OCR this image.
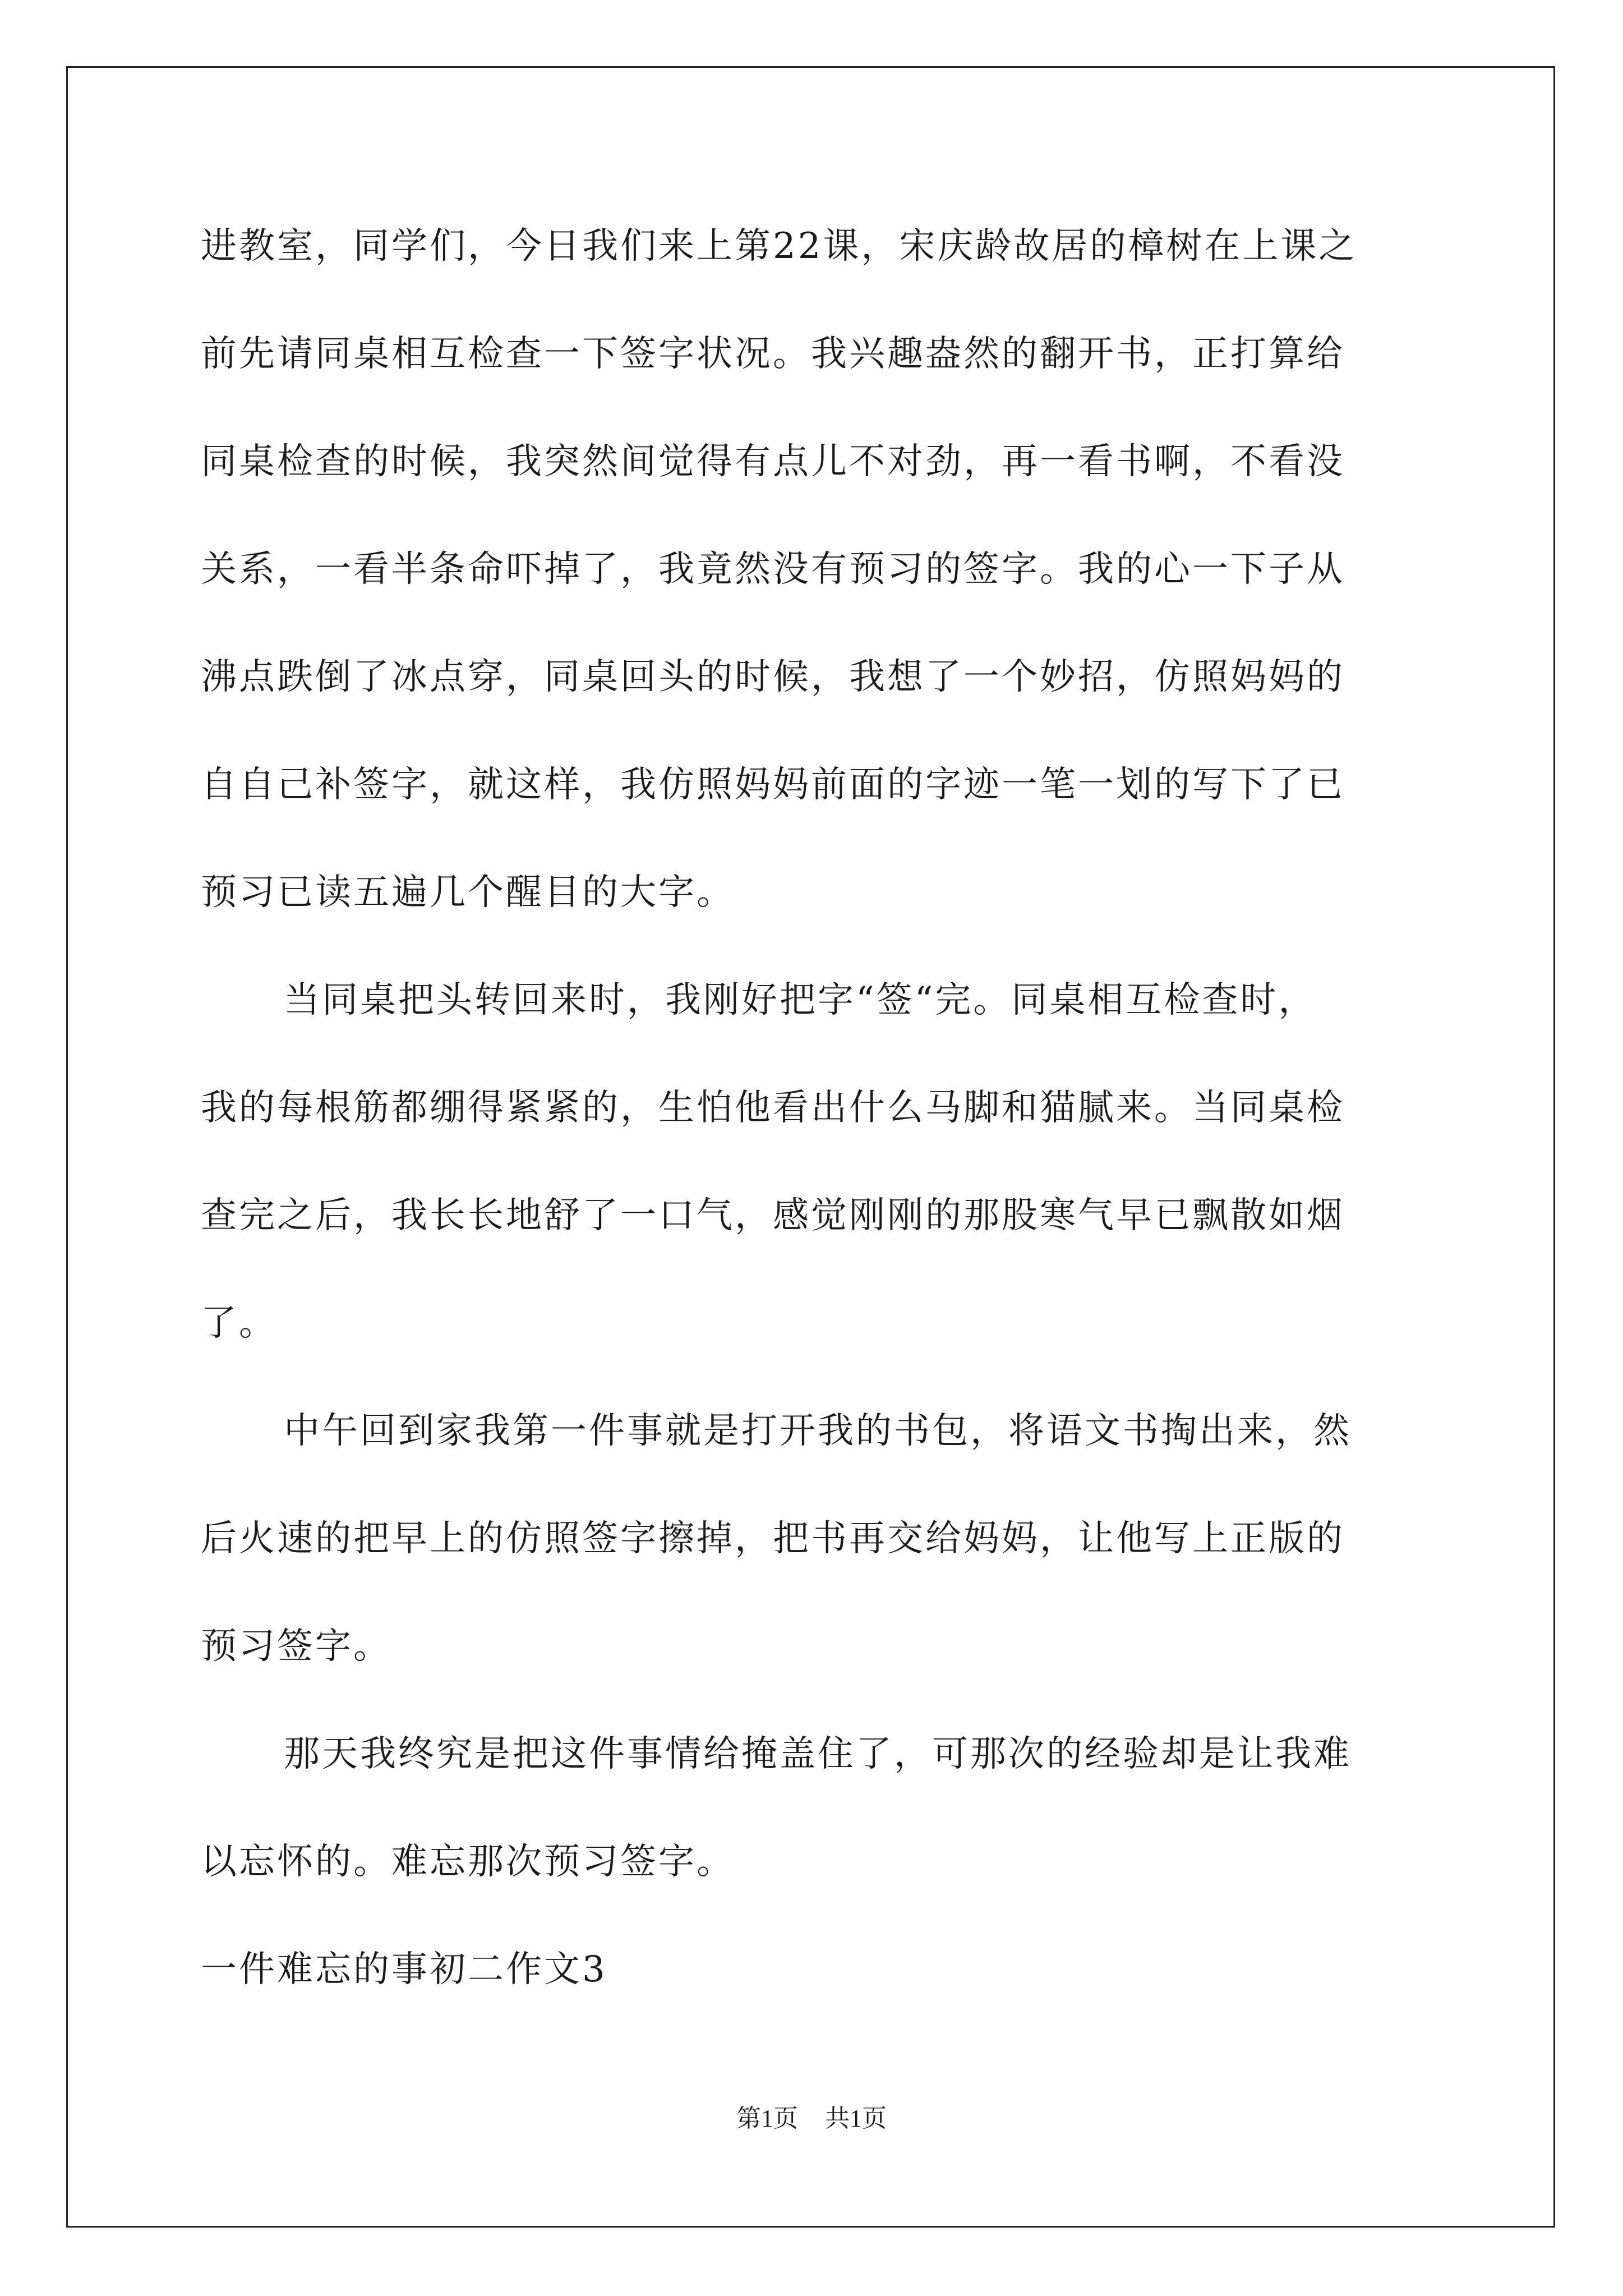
进教室，同学们，今日我们来上第22课，宋庆龄故居的樟树在上课之
前先请同桌相互检查一下签字状况。我兴趣盎然的翻开书，正打算给
同桌检查的时候，我突然间觉得有点儿不对劲，再一看书啊，不看没
关系，一看半条命吓掉了，我竟然没有预习的签字。我的心一下子从
沸点跌倒了冰点穿，同桌回头的时候，我想了一个妙招，仿照妈妈的
自自己补签字，就这样，我仿照妈妈前面的字迹一笔一划的写下了已
预习已读五遍几个醒目的大字。
当同桌把头转回来时，我刚好把字“签“完。同桌相互检查时，
我的每根筋都绷得紧紧的，生怕他看出什么马脚和猫腻来。当同桌检
查完之后，我长长地舒了一口气，感觉刚刚的那股寒气早已飘散如烟
了。
中午回到家我第一件事就是打开我的书包，将语文书掏出来，然
后火速的把早上的仿照签字擦掉，把书再交给妈妈，让他写上正版的
预习签字。
那天我终究是把这件事情给掩盖住了，可那次的经验却是让我难
以忘怀的。难忘那次预习签字。
一件难忘的事初二作文3
第1页 共1页
